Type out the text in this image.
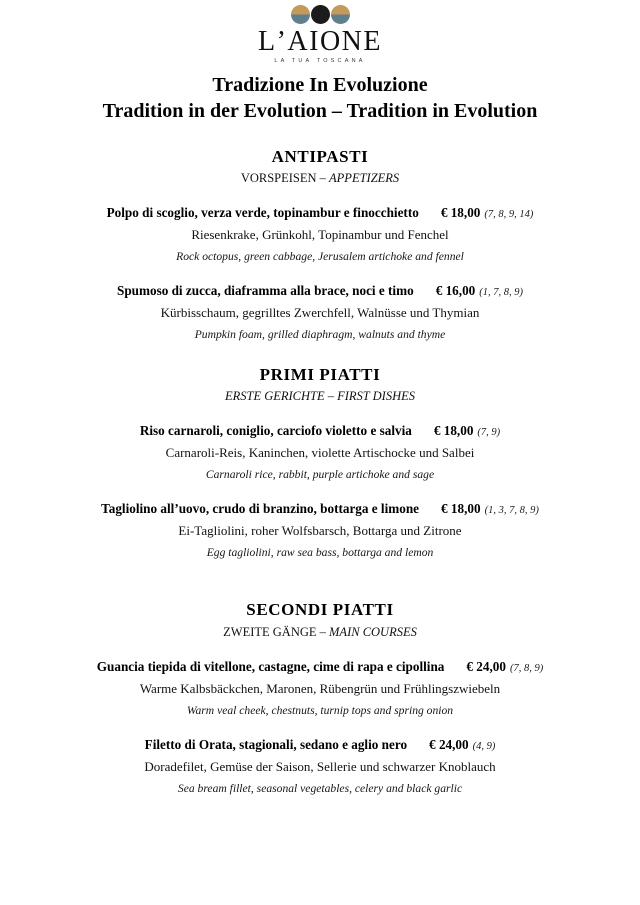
LʼAIONE
LA TUA TOSCANA
Tradizione In Evoluzione
Tradition in der Evolution – Tradition in Evolution
ANTIPASTI
VORSPEISEN – APPETIZERS
Polpo di scoglio, verza verde, topinambur e finocchietto € 18,00 (7, 8, 9, 14)
Riesenkrake, Grünkohl, Topinambur und Fenchel
Rock octopus, green cabbage, Jerusalem artichoke and fennel
Spumoso di zucca, diaframma alla brace, noci e timo € 16,00 (1, 7, 8, 9)
Kürbisschaum, gegrilltes Zwerchfell, Walnüsse und Thymian
Pumpkin foam, grilled diaphragm, walnuts and thyme
PRIMI PIATTI
ERSTE GERICHTE – FIRST DISHES
Riso carnaroli, coniglio, carciofo violetto e salvia € 18,00 (7, 9)
Carnaroli-Reis, Kaninchen, violette Artischocke und Salbei
Carnaroli rice, rabbit, purple artichoke and sage
Tagliolino all’uovo, crudo di branzino, bottarga e limone € 18,00 (1, 3, 7, 8, 9)
Ei-Tagliolini, roher Wolfsbarsch, Bottarga und Zitrone
Egg tagliolini, raw sea bass, bottarga and lemon
SECONDI PIATTI
ZWEITE GÄNGE – MAIN COURSES
Guancia tiepida di vitellone, castagne, cime di rapa e cipollina € 24,00 (7, 8, 9)
Warme Kalbsbäckchen, Maronen, Rübengrün und Frühlingszwiebeln
Warm veal cheek, chestnuts, turnip tops and spring onion
Filetto di Orata, stagionali, sedano e aglio nero € 24,00 (4, 9)
Doradefilet, Gemüse der Saison, Sellerie und schwarzer Knoblauch
Sea bream fillet, seasonal vegetables, celery and black garlic
